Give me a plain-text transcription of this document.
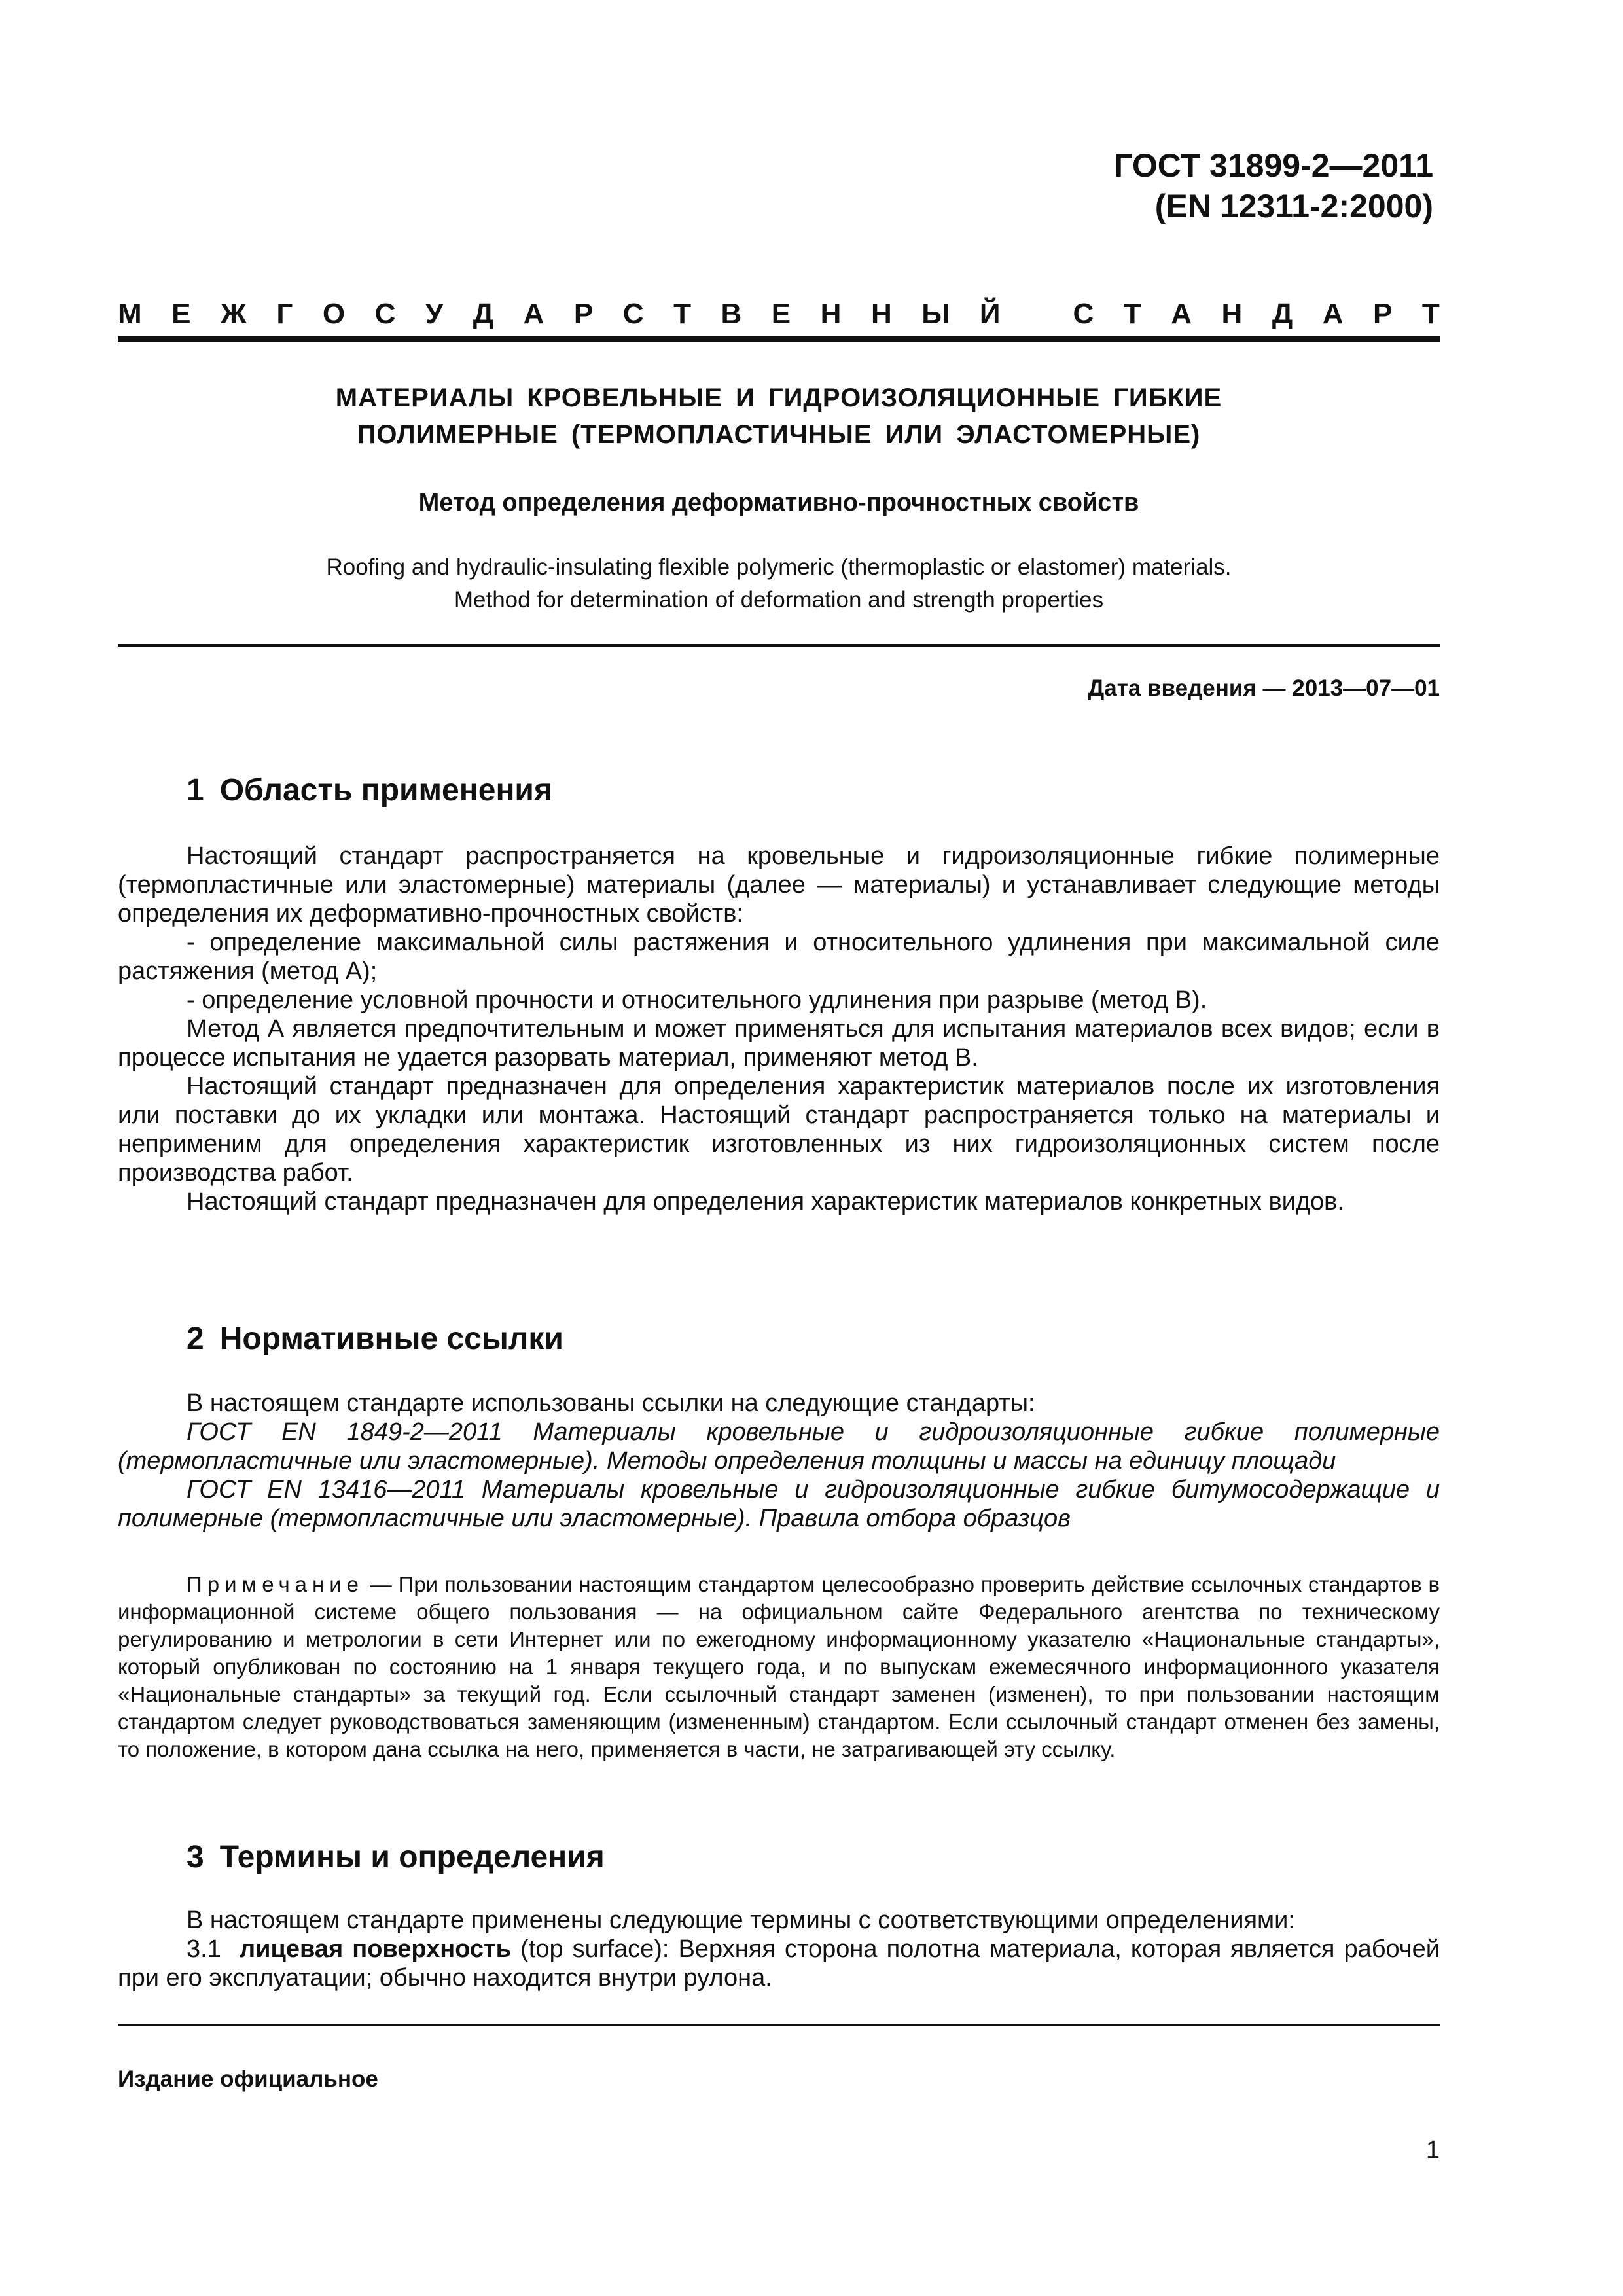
ГОСТ 31899-2—2011
(EN 12311-2:2000)
М Е Ж Г О С У Д А Р С Т В Е Н Н Ы Й	С Т А Н Д А Р Т
МАТЕРИАЛЫ КРОВЕЛЬНЫЕ И ГИДРОИЗОЛЯЦИОННЫЕ ГИБКИЕ
ПОЛИМЕРНЫЕ (ТЕРМОПЛАСТИЧНЫЕ ИЛИ ЭЛАСТОМЕРНЫЕ)
Метод определения деформативно-прочностных свойств
Roofing and hydraulic-insulating flexible polymeric (thermoplastic or elastomer) materials.
Method for determination of deformation and strength properties
Дата введения — 2013—07—01
1 Область применения

Настоящий стандарт распространяется на кровельные и гидроизоляционные гибкие полимерные (термопластичные или эластомерные) материалы (далее — материалы) и устанавливает следующие методы определения их деформативно-прочностных свойств:

- определение максимальной силы растяжения и относительного удлинения при максимальной силе растяжения (метод А);

- определение условной прочности и относительного удлинения при разрыве (метод В).

Метод А является предпочтительным и может применяться для испытания материалов всех видов; если в процессе испытания не удается разорвать материал, применяют метод В.

Настоящий стандарт предназначен для определения характеристик материалов после их изготовления или поставки до их укладки или монтажа. Настоящий стандарт распространяется только на материалы и неприменим для определения характеристик изготовленных из них гидроизоляционных систем после производства работ.

Настоящий стандарт предназначен для определения характеристик материалов конкретных видов.

2 Нормативные ссылки

В настоящем стандарте использованы ссылки на следующие стандарты:

ГОСТ EN 1849-2—2011 Материалы кровельные и гидроизоляционные гибкие полимерные (термопластичные или эластомерные). Методы определения толщины и массы на единицу площади

ГОСТ EN 13416—2011 Материалы кровельные и гидроизоляционные гибкие битумосодержащие и полимерные (термопластичные или эластомерные). Правила отбора образцов

Примечание — При пользовании настоящим стандартом целесообразно проверить действие ссылочных стандартов в информационной системе общего пользования — на официальном сайте Федерального агентства по техническому регулированию и метрологии в сети Интернет или по ежегодному информационному указателю «Национальные стандарты», который опубликован по состоянию на 1 января текущего года, и по выпускам ежемесячного информационного указателя «Национальные стандарты» за текущий год. Если ссылочный стандарт заменен (изменен), то при пользовании настоящим стандартом следует руководствоваться заменяющим (измененным) стандартом. Если ссылочный стандарт отменен без замены, то положение, в котором дана ссылка на него, применяется в части, не затрагивающей эту ссылку.

3 Термины и определения

В настоящем стандарте применены следующие термины с соответствующими определениями:

3.1 лицевая поверхность (top surface): Верхняя сторона полотна материала, которая является рабочей при его эксплуатации; обычно находится внутри рулона.

Издание официальное
1
